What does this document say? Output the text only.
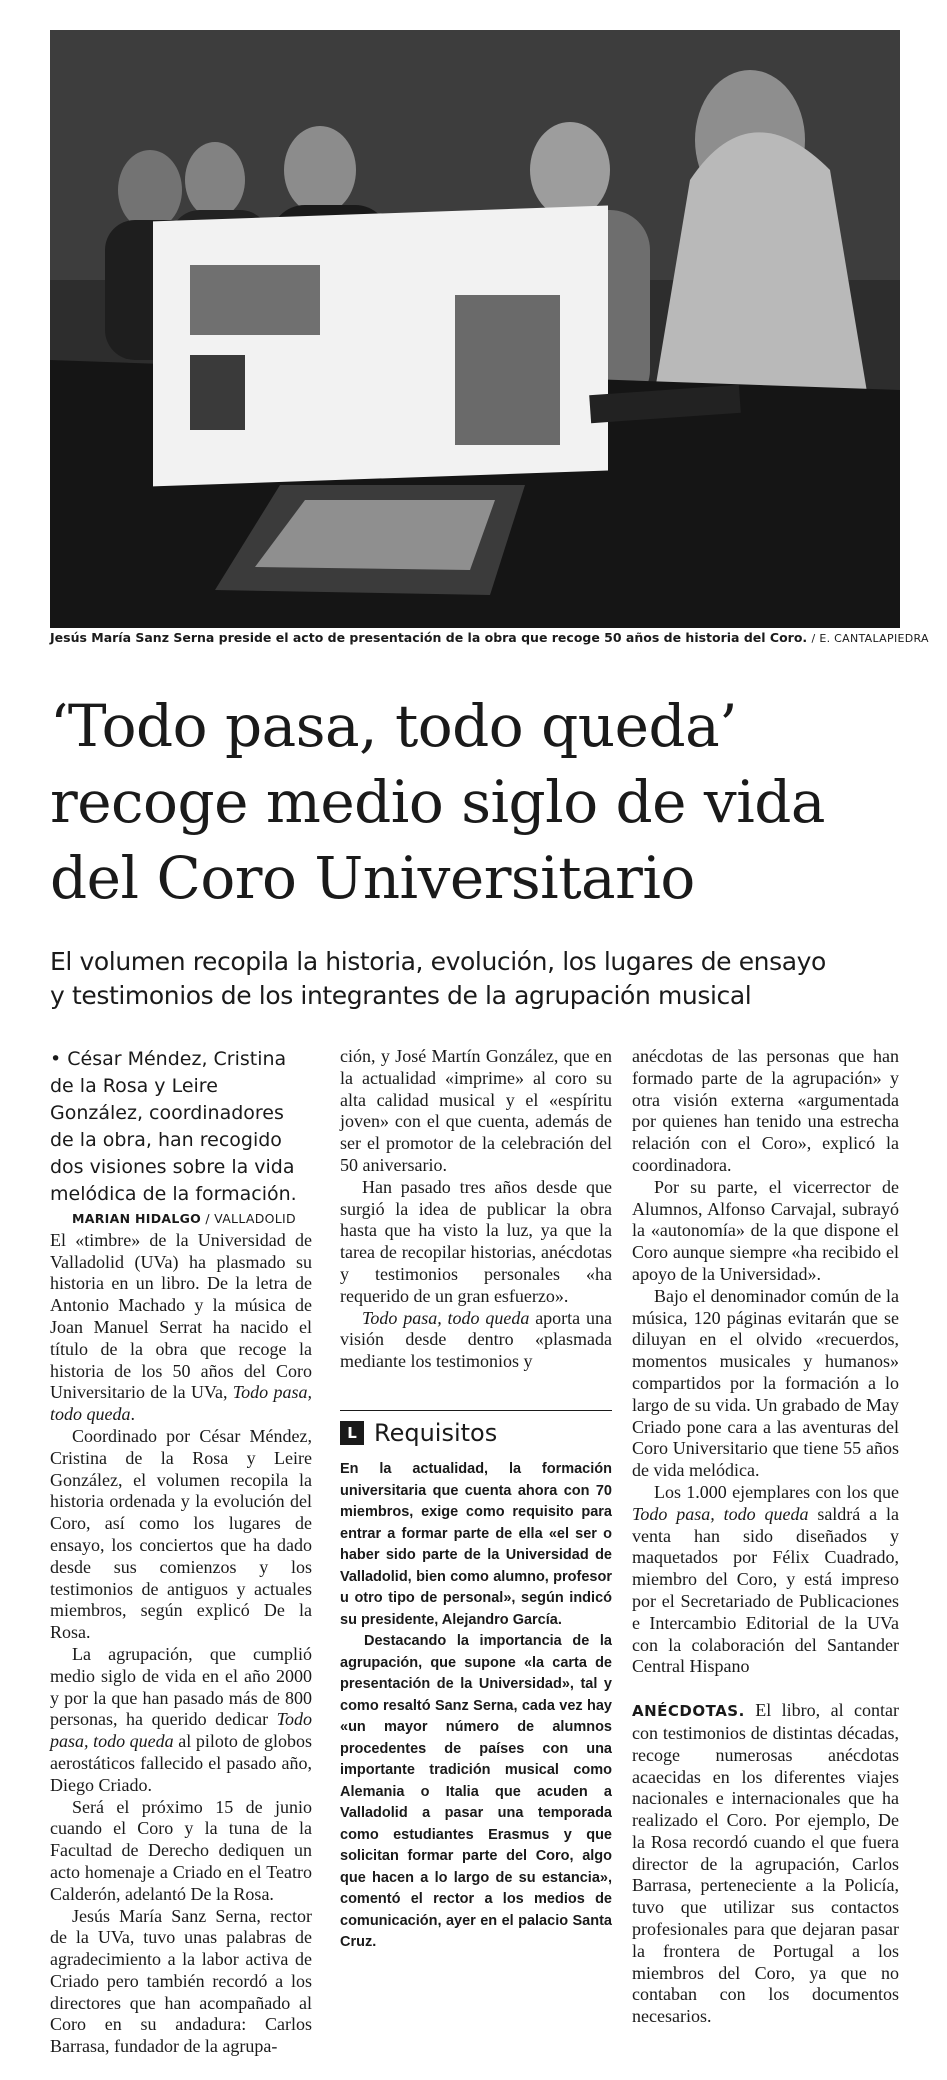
Jesús María Sanz Serna preside el acto de presentación de la obra que recoge 50 años de historia del Coro. / E. CANTALAPIEDRA
‘Todo pasa, todo queda’
recoge medio siglo de vida
del Coro Universitario
El volumen recopila la historia, evolución, los lugares de ensayo
y testimonios de los integrantes de la agrupación musical

• César Méndez, Cristina de la Rosa y Leire González, coordinadores de la obra, han recogido dos visiones sobre la vida melódica de la formación.

MARIAN HIDALGO / VALLADOLID

El «timbre» de la Universidad de Valladolid (UVa) ha plasmado su historia en un libro. De la letra de Antonio Machado y la música de Joan Manuel Serrat ha nacido el título de la obra que recoge la historia de los 50 años del Coro Universitario de la UVa, Todo pasa, todo queda.

Coordinado por César Méndez, Cristina de la Rosa y Leire González, el volumen recopila la historia ordenada y la evolución del Coro, así como los lugares de ensayo, los conciertos que ha dado desde sus comienzos y los testimonios de antiguos y actuales miembros, según explicó De la Rosa.

La agrupación, que cumplió medio siglo de vida en el año 2000 y por la que han pasado más de 800 personas, ha querido dedicar Todo pasa, todo queda al piloto de globos aerostáticos fallecido el pasado año, Diego Criado.

Será el próximo 15 de junio cuando el Coro y la tuna de la Facultad de Derecho dediquen un acto homenaje a Criado en el Teatro Calderón, adelantó De la Rosa.

Jesús María Sanz Serna, rector de la UVa, tuvo unas palabras de agradecimiento a la labor activa de Criado pero también recordó a los directores que han acompañado al Coro en su andadura: Carlos Barrasa, fundador de la agrupa-

ción, y José Martín González, que en la actualidad «imprime» al coro su alta calidad musical y el «espíritu joven» con el que cuenta, además de ser el promotor de la celebración del 50 aniversario.

Han pasado tres años desde que surgió la idea de publicar la obra hasta que ha visto la luz, ya que la tarea de recopilar historias, anécdotas y testimonios personales «ha requerido de un gran esfuerzo».

Todo pasa, todo queda aporta una visión desde dentro «plasmada mediante los testimonios y

L Requisitos

En la actualidad, la formación universitaria que cuenta ahora con 70 miembros, exige como requisito para entrar a formar parte de ella «el ser o haber sido parte de la Universidad de Valladolid, bien como alumno, profesor u otro tipo de personal», según indicó su presidente, Alejandro García.

Destacando la importancia de la agrupación, que supone «la carta de presentación de la Universidad», tal y como resaltó Sanz Serna, cada vez hay «un mayor número de alumnos procedentes de países con una importante tradición musical como Alemania o Italia que acuden a Valladolid a pasar una temporada como estudiantes Erasmus y que solicitan formar parte del Coro, algo que hacen a lo largo de su estancia», comentó el rector a los medios de comunicación, ayer en el palacio Santa Cruz.

anécdotas de las personas que han formado parte de la agrupación» y otra visión externa «argumentada por quienes han tenido una estrecha relación con el Coro», explicó la coordinadora.

Por su parte, el vicerrector de Alumnos, Alfonso Carvajal, subrayó la «autonomía» de la que dispone el Coro aunque siempre «ha recibido el apoyo de la Universidad».

Bajo el denominador común de la música, 120 páginas evitarán que se diluyan en el olvido «recuerdos, momentos musicales y humanos» compartidos por la formación a lo largo de su vida. Un grabado de May Criado pone cara a las aventuras del Coro Universitario que tiene 55 años de vida melódica.

Los 1.000 ejemplares con los que Todo pasa, todo queda saldrá a la venta han sido diseñados y maquetados por Félix Cuadrado, miembro del Coro, y está impreso por el Secretariado de Publicaciones e Intercambio Editorial de la UVa con la colaboración del Santander Central Hispano

ANÉCDOTAS. El libro, al contar con testimonios de distintas décadas, recoge numerosas anécdotas acaecidas en los diferentes viajes nacionales e internacionales que ha realizado el Coro. Por ejemplo, De la Rosa recordó cuando el que fuera director de la agrupación, Carlos Barrasa, perteneciente a la Policía, tuvo que utilizar sus contactos profesionales para que dejaran pasar la frontera de Portugal a los miembros del Coro, ya que no contaban con los documentos necesarios.
